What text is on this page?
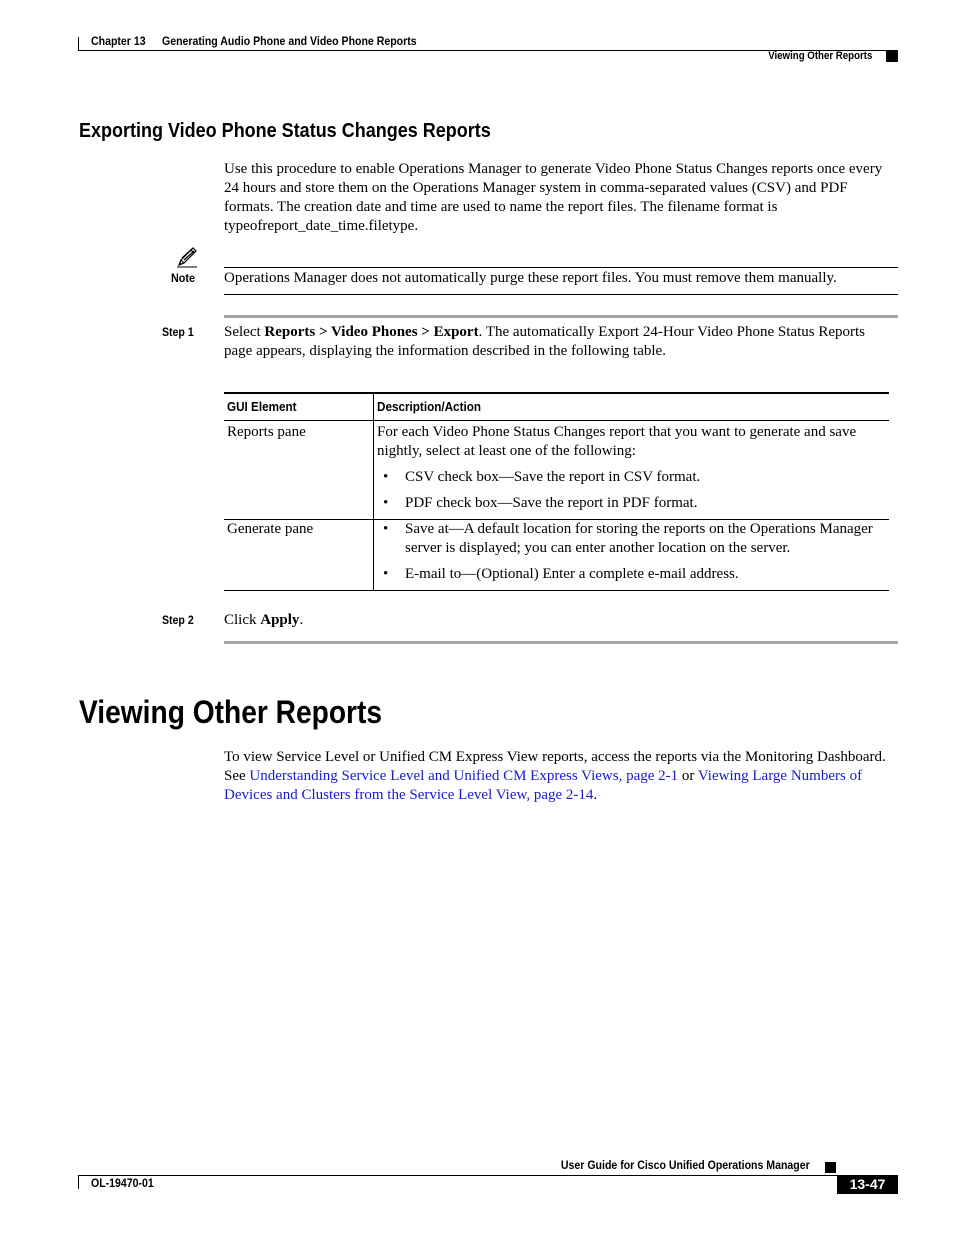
Chapter 13 Generating Audio Phone and Video Phone Reports
Viewing Other Reports
Exporting Video Phone Status Changes Reports
Use this procedure to enable Operations Manager to generate Video Phone Status Changes reports once every 24 hours and store them on the Operations Manager system in comma-separated values (CSV) and PDF formats. The creation date and time are used to name the report files. The filename format is typeofreport_date_time.filetype.
Note Operations Manager does not automatically purge these report files. You must remove them manually.
Step 1 Select Reports > Video Phones > Export. The automatically Export 24-Hour Video Phone Status Reports page appears, displaying the information described in the following table.
GUI Element	Description/Action
Reports pane	For each Video Phone Status Changes report that you want to generate and save nightly, select at least one of the following:
• CSV check box—Save the report in CSV format.
• PDF check box—Save the report in PDF format.

Generate pane	• Save at—A default location for storing the reports on the Operations Manager server is displayed; you can enter another location on the server.
• E-mail to—(Optional) Enter a complete e-mail address.
Step 2 Click Apply.
Viewing Other Reports
To view Service Level or Unified CM Express View reports, access the reports via the Monitoring Dashboard. See Understanding Service Level and Unified CM Express Views, page 2-1 or Viewing Large Numbers of Devices and Clusters from the Service Level View, page 2-14.
User Guide for Cisco Unified Operations Manager
OL-19470-01	13-47
